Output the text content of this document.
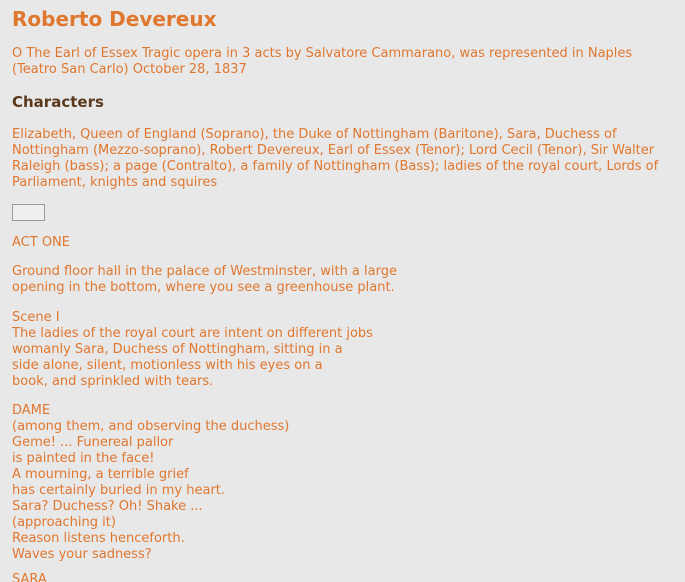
Roberto Devereux

O The Earl of Essex Tragic opera in 3 acts by Salvatore Cammarano, was represented in Naples (Teatro San Carlo) October 28, 1837

Characters

Elizabeth, Queen of England (Soprano), the Duke of Nottingham (Baritone), Sara, Duchess of Nottingham (Mezzo-soprano), Robert Devereux, Earl of Essex (Tenor); Lord Cecil (Tenor), Sir Walter Raleigh (bass); a page (Contralto), a family of Nottingham (Bass); ladies of the royal court, Lords of Parliament, knights and squires

ACT ONE

Ground floor hall in the palace of Westminster, with a large
opening in the bottom, where you see a greenhouse plant.

Scene I
The ladies of the royal court are intent on different jobs
womanly Sara, Duchess of Nottingham, sitting in a
side alone, silent, motionless with his eyes on a
book, and sprinkled with tears.

DAME
(among them, and observing the duchess)
Geme! ... Funereal pallor
is painted in the face!
A mourning, a terrible grief
has certainly buried in my heart.
Sara? Duchess? Oh! Shake ...
(approaching it)
Reason listens henceforth.
Waves your sadness?

SARA
